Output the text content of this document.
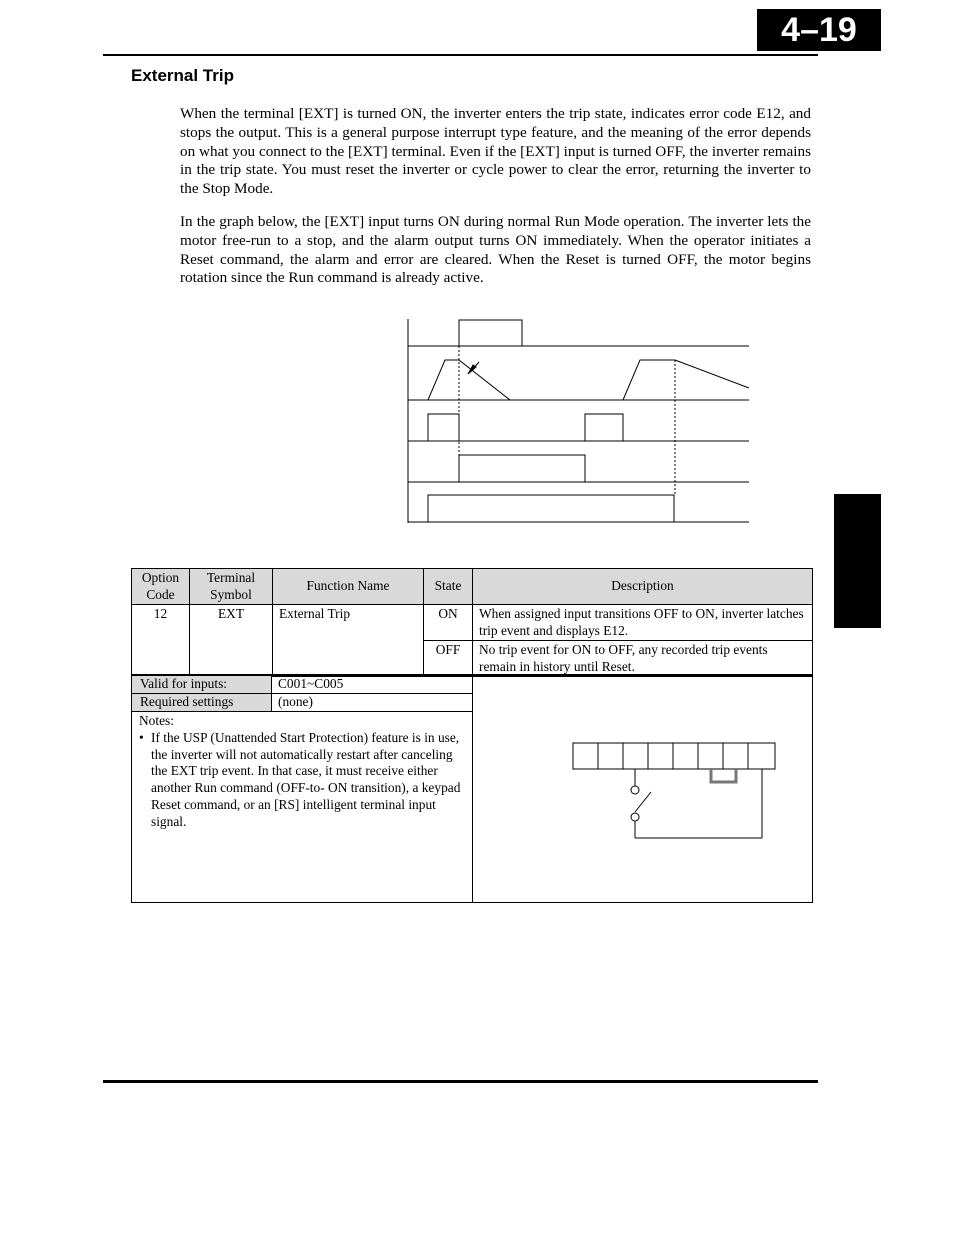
4–19
External Trip

When the terminal [EXT] is turned ON, the inverter enters the trip state, indicates error code E12, and stops the output. This is a general purpose interrupt type feature, and the meaning of the error depends on what you connect to the [EXT] terminal. Even if the [EXT] input is turned OFF, the inverter remains in the trip state. You must reset the inverter or cycle power to clear the error, returning the inverter to the Stop Mode.

In the graph below, the [EXT] input turns ON during normal Run Mode operation. The inverter lets the motor free-run to a stop, and the alarm output turns ON immediately. When the operator initiates a Reset command, the alarm and error are cleared. When the Reset is turned OFF, the motor begins rotation since the Run command is already active.

Option Code	Terminal Symbol	Function Name	State	Description
12	EXT	External Trip	ON	When assigned input transitions OFF to ON, inverter latches trip event and displays E12.
			OFF	No trip event for ON to OFF, any recorded trip events remain in history until Reset.
Valid for inputs:	C001~C005
Required settings	(none)
Notes:
• If the USP (Unattended Start Protection) feature is in use, the inverter will not automatically restart after canceling the EXT trip event. In that case, it must receive either another Run command (OFF-to- ON transition), a keypad Reset command, or an [RS] intelligent terminal input signal.
